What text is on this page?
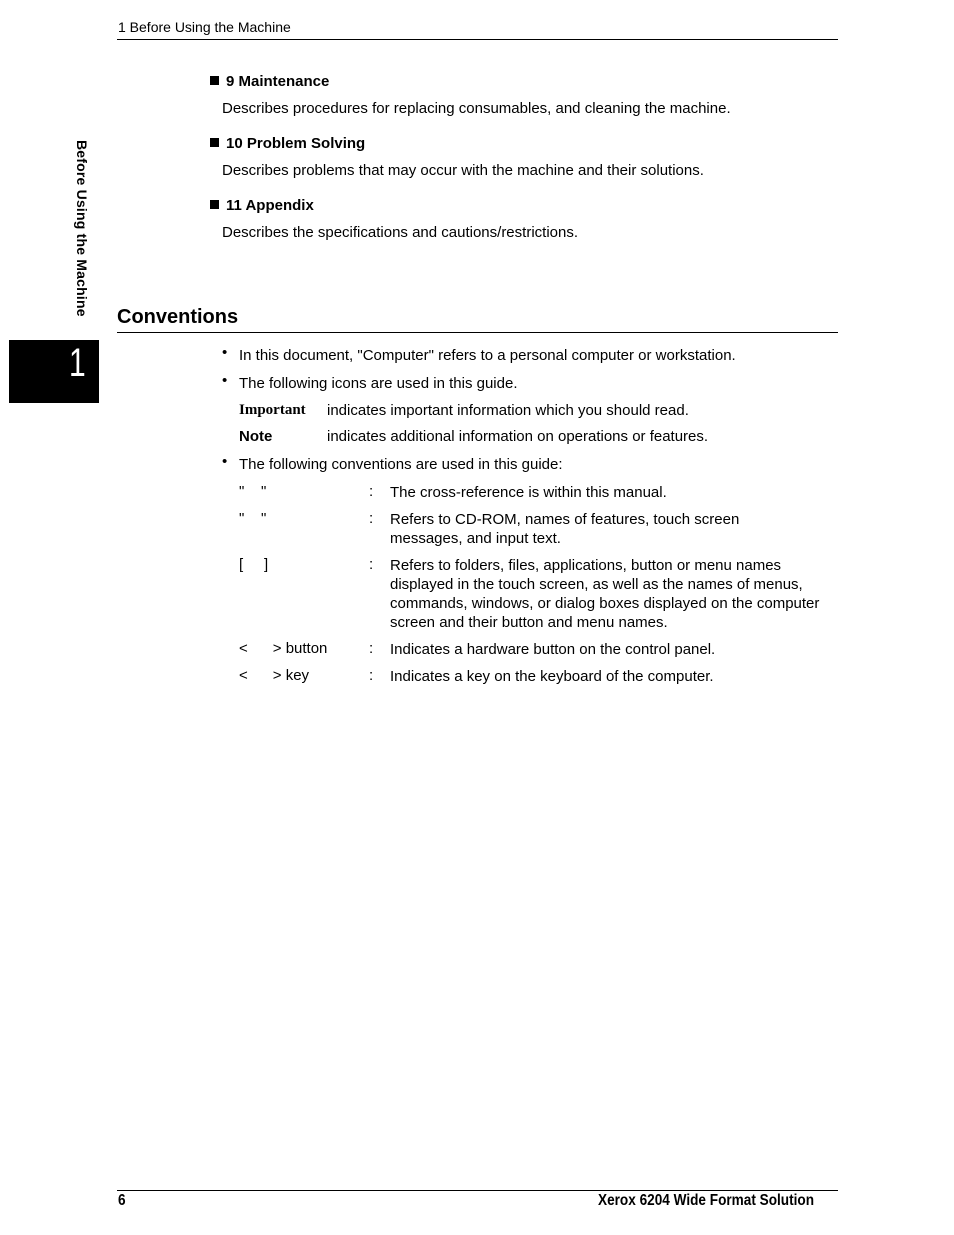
1 Before Using the Machine
Before Using the Machine
1
9 Maintenance
Describes procedures for replacing consumables, and cleaning the machine.
10 Problem Solving
Describes problems that may occur with the machine and their solutions.
11 Appendix
Describes the specifications and cautions/restrictions.
Conventions
• In this document, "Computer" refers to a personal computer or workstation.
• The following icons are used in this guide.
Important indicates important information which you should read.
Note	indicates additional information on operations or features.
• The following conventions are used in this guide:
"    "	: The cross-reference is within this manual.
"    "	: Refers to CD-ROM, names of features, touch screen messages, and input text.
[     ]	: Refers to folders, files, applications, button or menu names displayed in the touch screen, as well as the names of menus, commands, windows, or dialog boxes displayed on the computer screen and their button and menu names.
<      > button	: Indicates a hardware button on the control panel.
<      > key	: Indicates a key on the keyboard of the computer.
6	Xerox 6204 Wide Format Solution
